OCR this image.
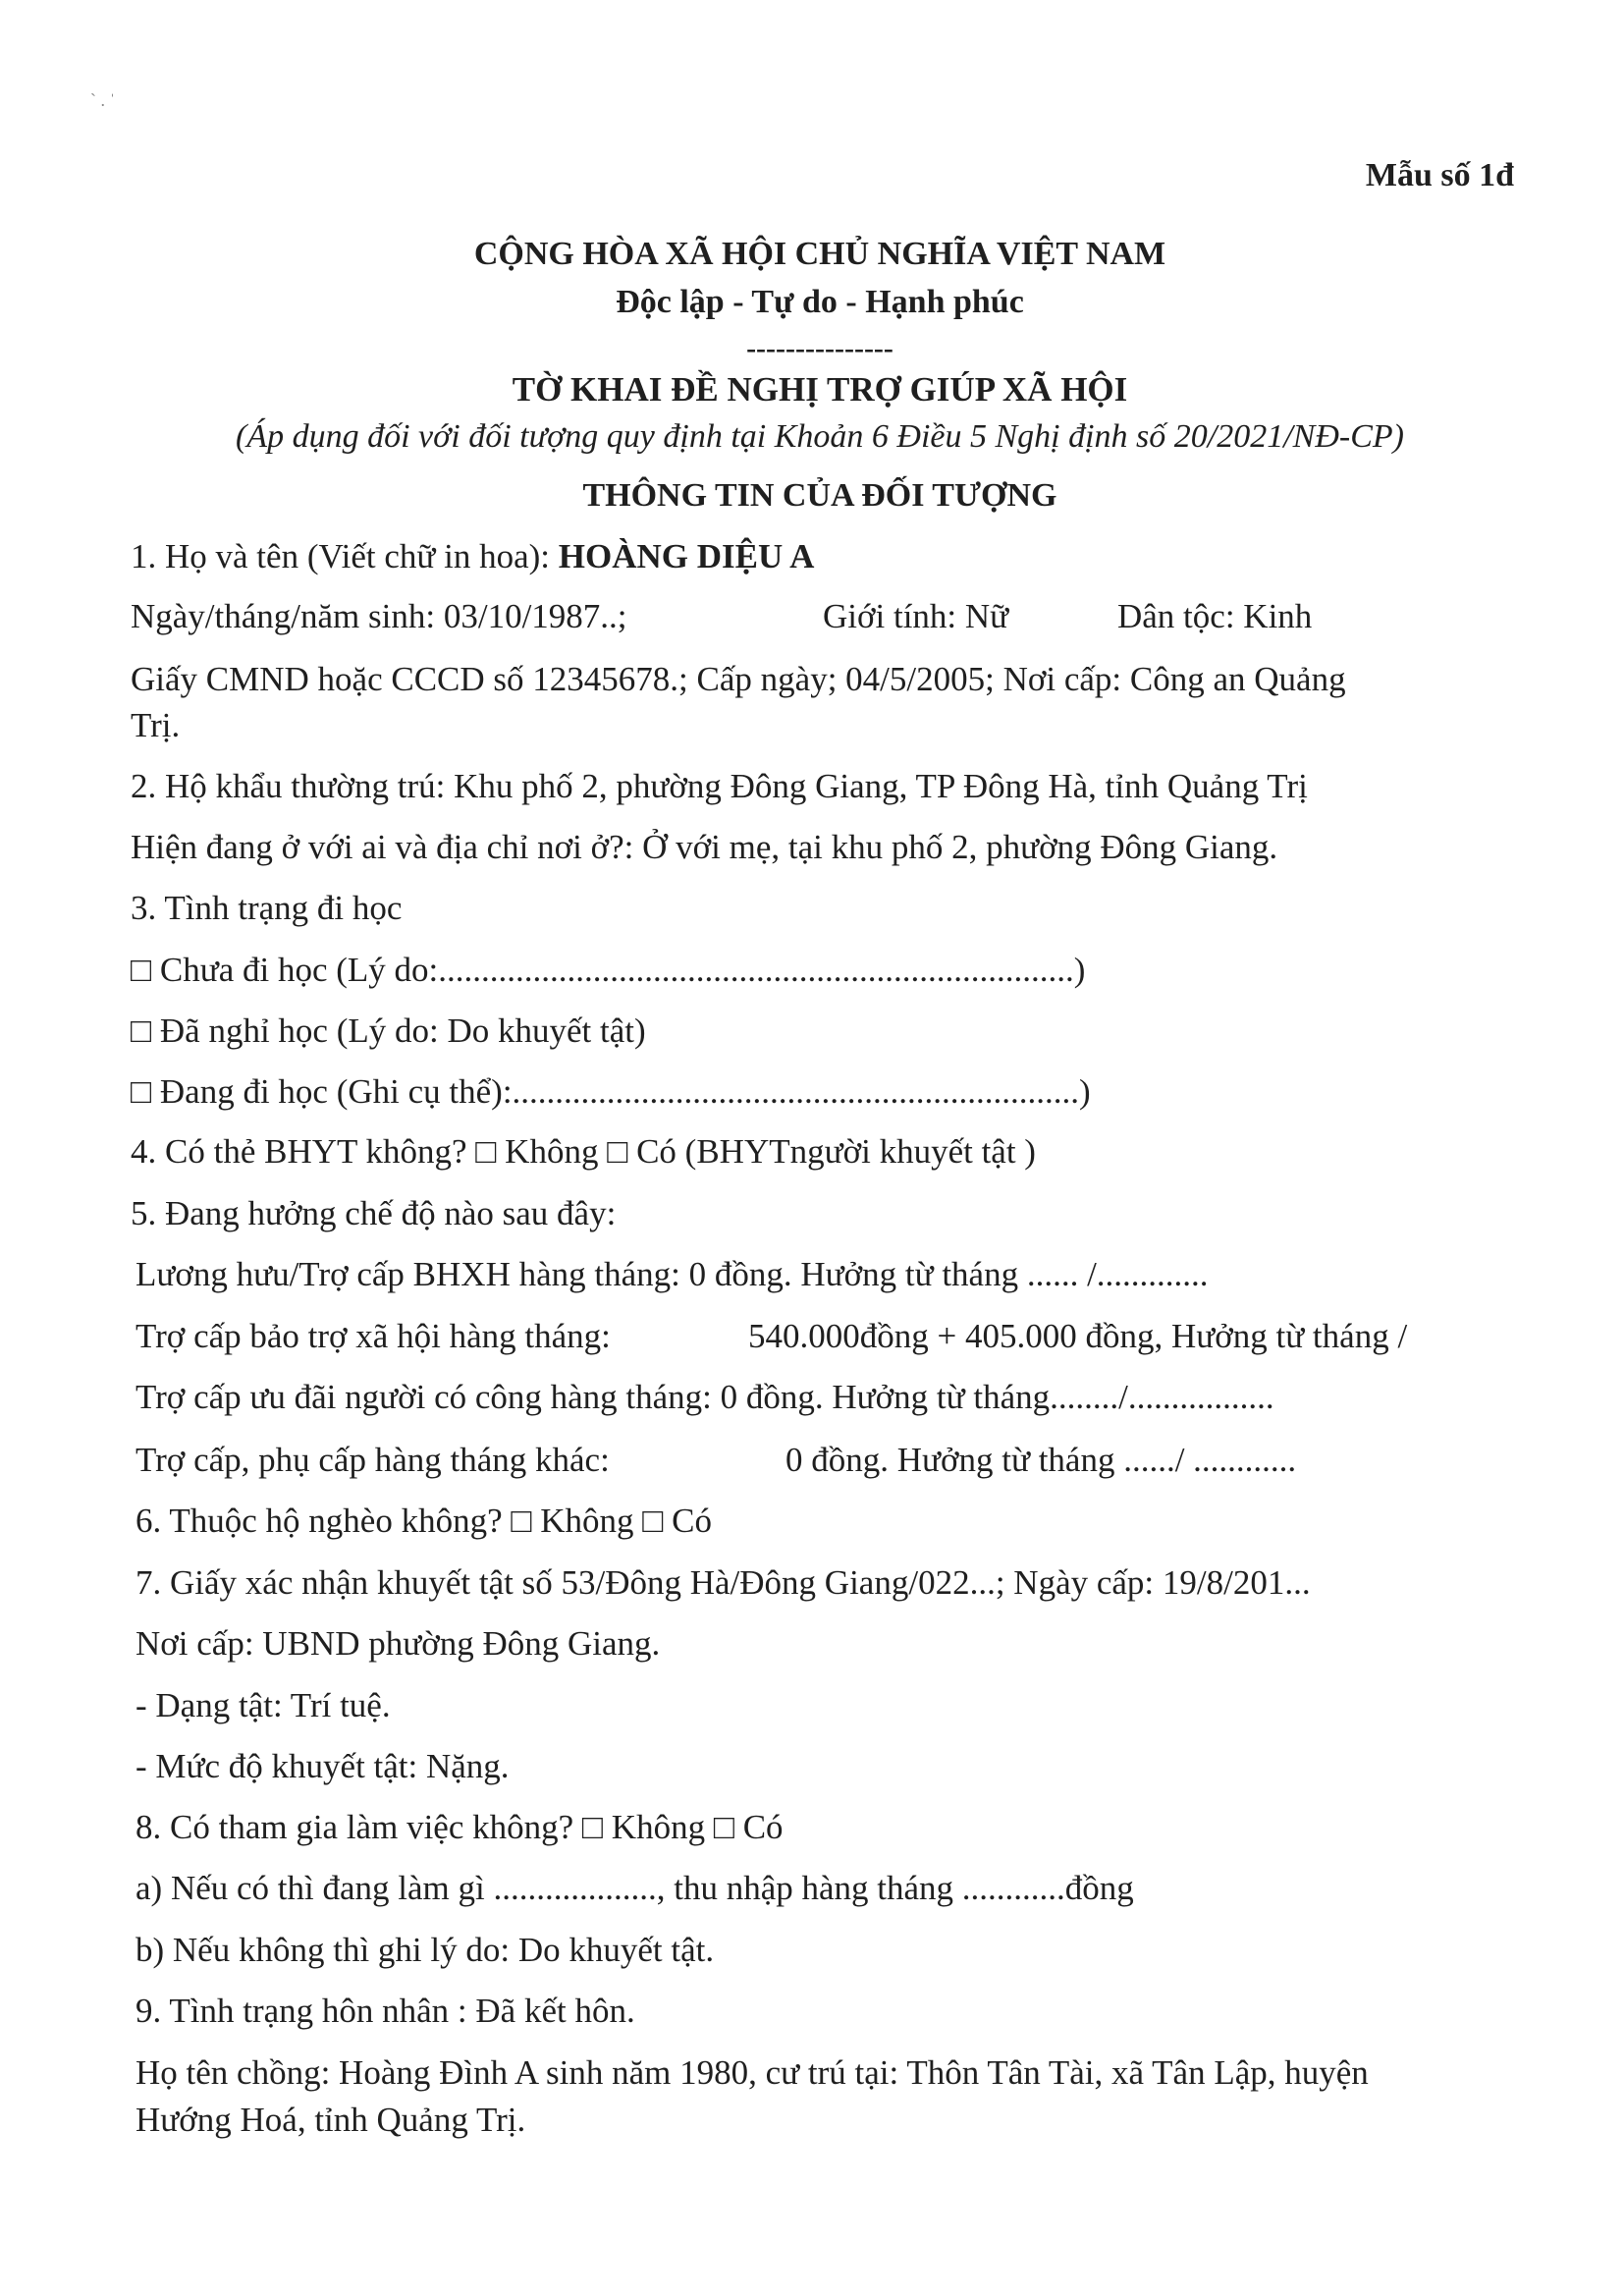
ˋ . ˈ
Mẫu số 1đ
CỘNG HÒA XÃ HỘI CHỦ NGHĨA VIỆT NAM
Độc lập - Tự do - Hạnh phúc
---------------
TỜ KHAI ĐỀ NGHỊ TRỢ GIÚP XÃ HỘI
(Áp dụng đối với đối tượng quy định tại Khoản 6 Điều 5 Nghị định số 20/2021/NĐ-CP)
THÔNG TIN CỦA ĐỐI TƯỢNG
1. Họ và tên (Viết chữ in hoa): HOÀNG DIỆU A
Ngày/tháng/năm sinh: 03/10/1987..;	Giới tính: Nữ	Dân tộc: Kinh
Giấy CMND hoặc CCCD số 12345678.; Cấp ngày; 04/5/2005; Nơi cấp: Công an Quảng
Trị.
2. Hộ khẩu thường trú: Khu phố 2, phường Đông Giang, TP Đông Hà, tỉnh Quảng Trị
Hiện đang ở với ai và địa chỉ nơi ở?: Ở với mẹ, tại khu phố 2, phường Đông Giang.
3. Tình trạng đi học
□ Chưa đi học (Lý do:..........................................................................)
□ Đã nghỉ học (Lý do: Do khuyết tật)
□ Đang đi học (Ghi cụ thể):..................................................................)
4. Có thẻ BHYT không? □ Không □ Có (BHYTngười khuyết tật )
5. Đang hưởng chế độ nào sau đây:
Lương hưu/Trợ cấp BHXH hàng tháng: 0 đồng. Hưởng từ tháng ...... /.............
Trợ cấp bảo trợ xã hội hàng tháng:	540.000đồng + 405.000 đồng, Hưởng từ tháng /
Trợ cấp ưu đãi người có công hàng tháng: 0 đồng. Hưởng từ tháng......../.................
Trợ cấp, phụ cấp hàng tháng khác:	0 đồng. Hưởng từ tháng ....../ ............
6. Thuộc hộ nghèo không? □ Không □ Có
7. Giấy xác nhận khuyết tật số 53/Đông Hà/Đông Giang/022...; Ngày cấp: 19/8/201...
Nơi cấp: UBND phường Đông Giang.
- Dạng tật: Trí tuệ.
- Mức độ khuyết tật: Nặng.
8. Có tham gia làm việc không? □ Không □ Có
a) Nếu có thì đang làm gì ..................., thu nhập hàng tháng ............đồng
b) Nếu không thì ghi lý do: Do khuyết tật.
9. Tình trạng hôn nhân : Đã kết hôn.
Họ tên chồng: Hoàng Đình A sinh năm 1980, cư trú tại: Thôn Tân Tài, xã Tân Lập, huyện
Hướng Hoá, tỉnh Quảng Trị.
